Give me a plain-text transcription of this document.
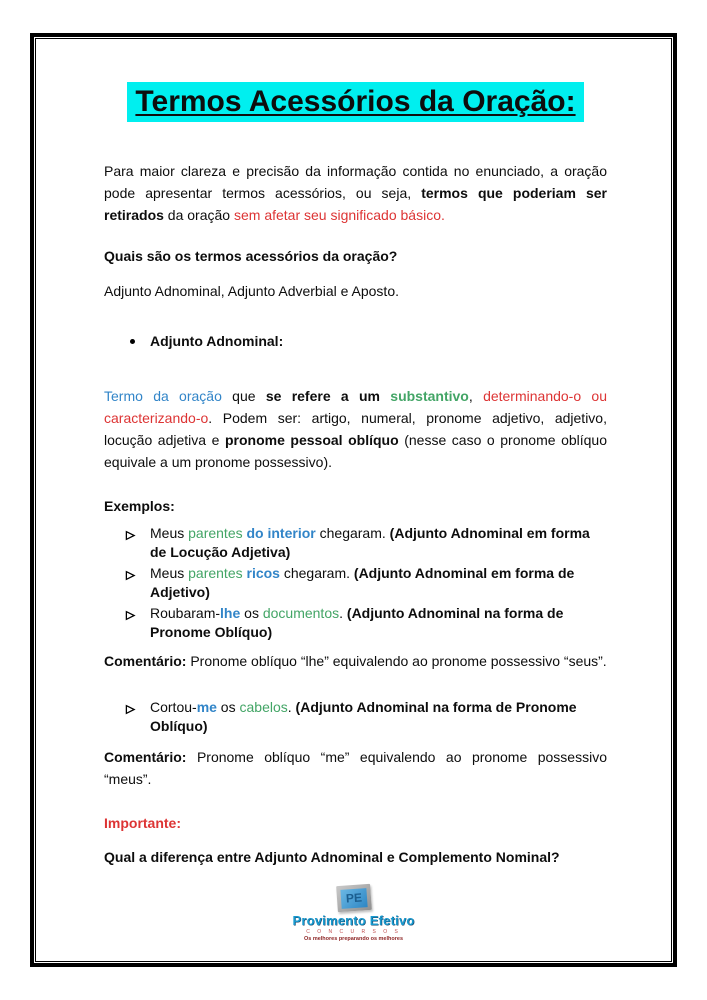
Termos Acessórios da Oração:

Para maior clareza e precisão da informação contida no enunciado, a oração pode apresentar termos acessórios, ou seja, termos que poderiam ser retirados da oração sem afetar seu significado básico.

Quais são os termos acessórios da oração?

Adjunto Adnominal, Adjunto Adverbial e Aposto.

Adjunto Adnominal:

Termo da oração que se refere a um substantivo, determinando-o ou caracterizando-o. Podem ser: artigo, numeral, pronome adjetivo, adjetivo, locução adjetiva e pronome pessoal oblíquo (nesse caso o pronome oblíquo equivale a um pronome possessivo).

Exemplos:

Meus parentes do interior chegaram. (Adjunto Adnominal em forma de Locução Adjetiva)
Meus parentes ricos chegaram. (Adjunto Adnominal em forma de Adjetivo)
Roubaram-lhe os documentos. (Adjunto Adnominal na forma de Pronome Oblíquo)

Comentário: Pronome oblíquo “lhe” equivalendo ao pronome possessivo “seus”.

Cortou-me os cabelos. (Adjunto Adnominal na forma de Pronome Oblíquo)

Comentário: Pronome oblíquo “me” equivalendo ao pronome possessivo “meus”.

Importante:

Qual a diferença entre Adjunto Adnominal e Complemento Nominal?

PE
Provimento Efetivo
C O N C U R S O S
Os melhores preparando os melhores
